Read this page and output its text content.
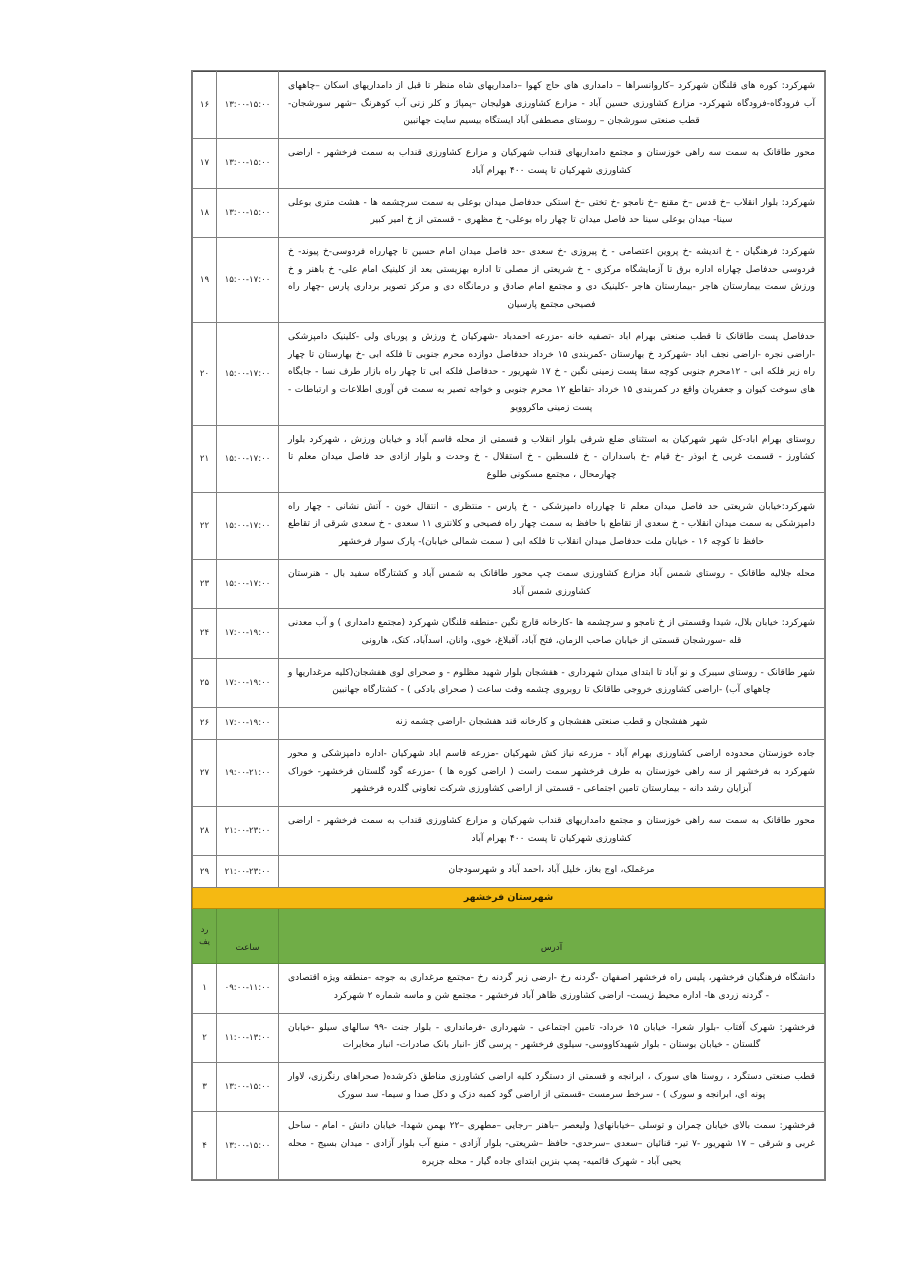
شهرکرد: کوره های قلنگان شهرکرد –کاروانسراها – دامداری های حاج کهوا –دامداریهای شاه منظر تا قبل از دامداریهای اسکان –چاههای آب فرودگاه-فرودگاه شهرکرد- مزارع کشاورزی حسین آباد - مزارع کشاورزی هولیجان –پمپاژ و کلر زنی آب کوهرنگ –شهر سورشجان-قطب صنعتی سورشجان – روستای مصطفی آباد ایستگاه بیسیم سایت جهانبین	۱۳:۰۰-۱۵:۰۰	۱۶
محور طاقانک به سمت سه راهی خوزستان و مجتمع دامداریهای قنداب شهرکیان و مزارع کشاورزی قنداب به سمت فرخشهر - اراضی کشاورزی شهرکیان تا پست ۴۰۰ بهرام آباد	۱۳:۰۰-۱۵:۰۰	۱۷
شهرکرد: بلوار انقلاب –خ قدس –خ مقنع –خ نامجو -خ تختی –خ استکی حدفاصل میدان بوعلی به سمت سرچشمه ها - هشت متری بوعلی سینا- میدان بوعلی سینا حد فاصل میدان تا چهار راه بوعلی- خ مظهری - قسمتی از خ امیر کبیر	۱۳:۰۰-۱۵:۰۰	۱۸
شهرکرد: فرهنگیان - خ اندیشه -خ پروین اعتصامی - خ پیروزی -خ سعدی -حد فاصل میدان امام حسین تا چهارراه فردوسی-خ پیوند- خ فردوسی حدفاصل چهاراه اداره برق تا آزمایشگاه مرکزی - خ شریعتی از مصلی تا اداره بهزیستی بعد از کلینیک امام علی- خ باهنر و خ ورزش سمت بیمارستان هاجر -بیمارستان هاجر -کلینیک دی و مجتمع امام صادق و درمانگاه دی و مرکز تصویر برداری پارس -چهار راه فصیحی مجتمع پارسیان	۱۵:۰۰-۱۷:۰۰	۱۹
حدفاصل پست طاقانک تا قطب صنعتی بهرام اباد -تصفیه خانه -مزرعه احمدباد -شهرکیان خ ورزش و پوربای ولی -کلینیک دامپزشکی -اراضی نجره -اراضی نجف اباد -شهرکرد خ بهارستان -کمربندی ۱۵ خرداد حدفاصل دوازده محرم جنوبی تا فلکه ابی -خ بهارستان تا چهار راه زیر فلکه ابی - ۱۲محرم جنوبی کوچه سقا پست زمینی نگین - خ ۱۷ شهریور - حدفاصل فلکه ابی تا چهار راه بازار طرف نسا - جایگاه های سوخت کیوان و جعفریان واقع در کمربندی ۱۵ خرداد -تقاطع ۱۲ محرم جنوبی و خواجه تصیر به سمت فن آوری اطلاعات و ارتباطات - پست زمینی ماکروویو	۱۵:۰۰-۱۷:۰۰	۲۰
روستای بهرام اباد-کل شهر شهرکیان به استثنای ضلع شرقی بلوار انقلاب و قسمتی از محله قاسم آباد و خیابان ورزش ، شهرکرد بلوار کشاورز - قسمت غربی خ ابوذر -خ قیام -خ باسداران - خ فلسطین - خ استقلال - خ وحدت و بلوار ازادی حد فاصل میدان معلم تا چهارمحال ، مجتمع مسکونی طلوع	۱۵:۰۰-۱۷:۰۰	۲۱
شهرکرد:خیابان شریعتی حد فاصل میدان معلم تا چهارراه دامپزشکی - خ پارس - منتظری - انتقال خون - آتش نشانی - چهار راه دامپزشکی به سمت میدان انقلاب - خ سعدی از تقاطع با حافظ به سمت چهار راه فصیحی و کلانتری ۱۱ سعدی - خ سعدی شرقی از تقاطع حافظ تا کوچه ۱۶ - خیابان ملت حدفاصل میدان انقلاب تا فلکه ابی ( سمت شمالی خیابان)- پارک سوار فرخشهر	۱۵:۰۰-۱۷:۰۰	۲۲
محله جلالیه طاقانک - روستای شمس آباد مزارع کشاورزی سمت چپ محور طاقانک به شمس آباد و کشتارگاه سفید بال - هنرستان کشاورزی شمس آباد	۱۵:۰۰-۱۷:۰۰	۲۳
شهرکرد: خیابان بلال، شیدا وقسمتی از خ نامجو و سرچشمه ها -کارخانه قارچ نگین -منطقه قلنگان شهرکرد (مجتمع دامداری ) و آب معدنی قله -سورشجان قسمتی از خیابان صاحب الزمان، فتح آباد، آقبلاغ، خوی، وانان، اسدآباد، کنک، هارونی	۱۷:۰۰-۱۹:۰۰	۲۴
شهر طاقانک - روستای سیبرک و نو آباد تا ابتدای میدان شهرداری - هفشجان بلوار شهید مظلوم - و صحرای لوی هفشجان(کلیه مرغداریها و چاههای آب) -اراضی کشاورزی خروجی طاقانک تا روبروی چشمه وقت ساعت ( صحرای بادکی ) - کشتارگاه جهانبین	۱۷:۰۰-۱۹:۰۰	۲۵
شهر هفشجان و قطب صنعتی هفشجان و کارخانه قند هفشجان -اراضی چشمه زنه	۱۷:۰۰-۱۹:۰۰	۲۶
جاده خوزستان محدوده اراضی کشاورزی بهرام آباد - مزرعه نیاز کش شهرکیان -مزرعه قاسم اباد شهرکیان -اداره دامپزشکی و محور شهرکرد به فرخشهر از سه راهی خوزستان به طرف فرخشهر سمت راست ( اراضی کوره ها ) -مزرعه گود گلستان فرخشهر- خوراک آبزایان رشد دانه - بیمارستان تامین اجتماعی - قسمتی از اراضی کشاورزی شرکت تعاونی گلدره فرخشهر	۱۹:۰۰-۲۱:۰۰	۲۷
محور طاقانک به سمت سه راهی خوزستان و مجتمع دامداریهای قنداب شهرکیان و مزارع کشاورزی قنداب به سمت فرخشهر - اراضی کشاورزی شهرکیان تا پست ۴۰۰ بهرام آباد	۲۱:۰۰-۲۳:۰۰	۲۸
مرغملک، اوج بغاز، خلیل آباد ،احمد آباد و شهرسودجان	۲۱:۰۰-۲۳:۰۰	۲۹
شهرستان فرخشهر		
آدرس	ساعت	رد
یف

دانشگاه فرهنگیان فرخشهر، پلیس راه فرخشهر اصفهان -گردنه رخ -ارضی زیر گردنه رخ -مجتمع مرغداری به جوجه -منطقه ویژه اقتصادی - گردنه زردی ها- اداره محیط زیست- اراضی کشاورزی ظاهر آباد فرخشهر - مجتمع شن و ماسه شماره ۲ شهرکرد	۰۹:۰۰-۱۱:۰۰	۱
فرخشهر: شهرک آفتاب -بلوار شعرا- خیابان ۱۵ خرداد- تامین اجتماعی - شهرداری -فرمانداری - بلوار جنت -۹۹ سالهای سیلو -خیابان گلستان - خیابان بوستان - بلوار شهیدکاووسی- سیلوی فرخشهر - پرسی گاز -انبار بانک صادرات- انبار مخابرات	۱۱:۰۰-۱۳:۰۰	۲
قطب صنعتی دستگرد ، روستا های سورک ، ابرانجه و قسمتی از دستگرد کلیه اراضی کشاورزی مناطق ذکرشده( صحراهای رنگرزی، لاوار پونه ای، ابرانجه و سورک ) - سرخط سرمست -قسمتی از اراضی گود کمبه دزک و دکل صدا و سیما- سد سورک	۱۳:۰۰-۱۵:۰۰	۳
فرخشهر: سمت بالای خیابان چمران و توسلی –خیابانهای( ولیعصر –باهنر –رجایی –مطهری –۲۲ بهمن شهدا- خیابان دانش - امام - ساحل غربی و شرقی – ۱۷ شهریور -۷ تیر- قنائیان –سعدی –سرحدی- حافظ –شریعتی- بلوار آزادی - منبع آب بلوار آزادی - میدان بسیج - محله یحیی آباد - شهرک قائمیه- پمپ بنزین ابتدای جاده گیار - محله جزیره	۱۳:۰۰-۱۵:۰۰	۴
